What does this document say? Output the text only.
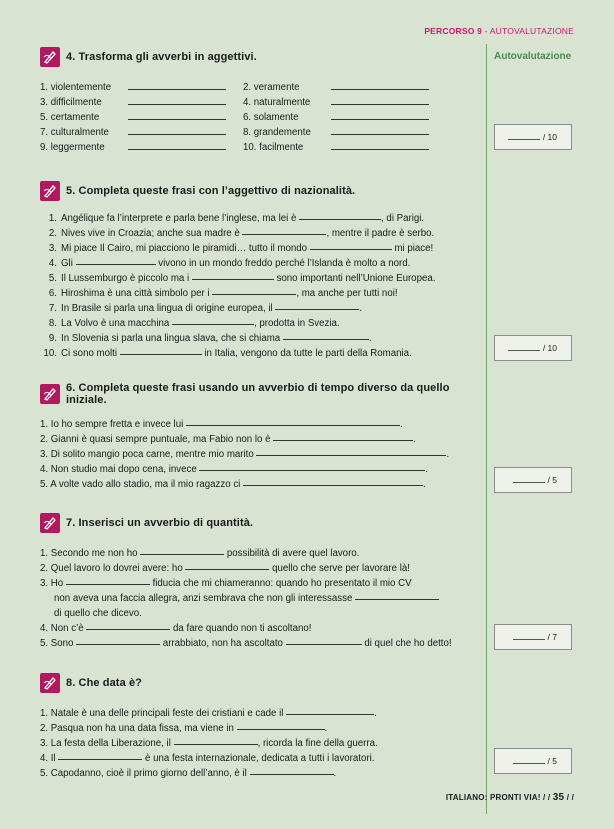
PERCORSO 9 - AUTOVALUTAZIONE
Autovalutazione
4. Trasforma gli avverbi in aggettivi.
1. violentemente	2. veramente
3. difficilmente	4. naturalmente
5. certamente	6. solamente
7. culturalmente	8. grandemente
9. leggermente	10. facilmente
/ 10
5. Completa queste frasi con l’aggettivo di nazionalità.
1. Angélique fa l’interprete e parla bene l’inglese, ma lei è	, di Parigi.
2. Nives vive in Croazia; anche sua madre è	, mentre il padre è serbo.
3. Mi piace Il Cairo, mi piacciono le piramidi… tutto il mondo	mi piace!
4. Gli	vivono in un mondo freddo perché l’Islanda è molto a nord.
5. Il Lussemburgo è piccolo ma i	sono importanti nell’Unione Europea.
6. Hiroshima è una città simbolo per i	, ma anche per tutti noi!
7. In Brasile si parla una lingua di origine europea, il	.
8. La Volvo è una macchina	, prodotta in Svezia.
9. In Slovenia si parla una lingua slava, che si chiama	.
10. Ci sono molti	in Italia, vengono da tutte le parti della Romania.	/ 10
6. Completa queste frasi usando un avverbio di tempo diverso da quello iniziale.
1. Io ho sempre fretta e invece lui	.
2. Gianni è quasi sempre puntuale, ma Fabio non lo è	.
3. Di solito mangio poca carne, mentre mio marito	.
4. Non studio mai dopo cena, invece	.
5. A volte vado allo stadio, ma il mio ragazzo ci	.	/ 5
7. Inserisci un avverbio di quantità.
1. Secondo me non ho	possibilità di avere quel lavoro.
2. Quel lavoro lo dovrei avere: ho	quello che serve per lavorare là!
3. Ho	fiducia che mi chiameranno: quando ho presentato il mio CV
non aveva una faccia allegra, anzi sembrava che non gli interessasse
di quello che dicevo.
4. Non c’è	da fare quando non ti ascoltano!
5. Sono	arrabbiato, non ha ascoltato	di quel che ho detto!
/ 7
8. Che data è?
1. Natale è una delle principali feste dei cristiani e cade il	.
2. Pasqua non ha una data fissa, ma viene in	.
3. La festa della Liberazione, il	, ricorda la fine della guerra.
4. Il	è una festa internazionale, dedicata a tutti i lavoratori.
5. Capodanno, cioè il primo giorno dell’anno, è il	.
/ 5
ITALIANO: PRONTI VIA! / / 35 / /
